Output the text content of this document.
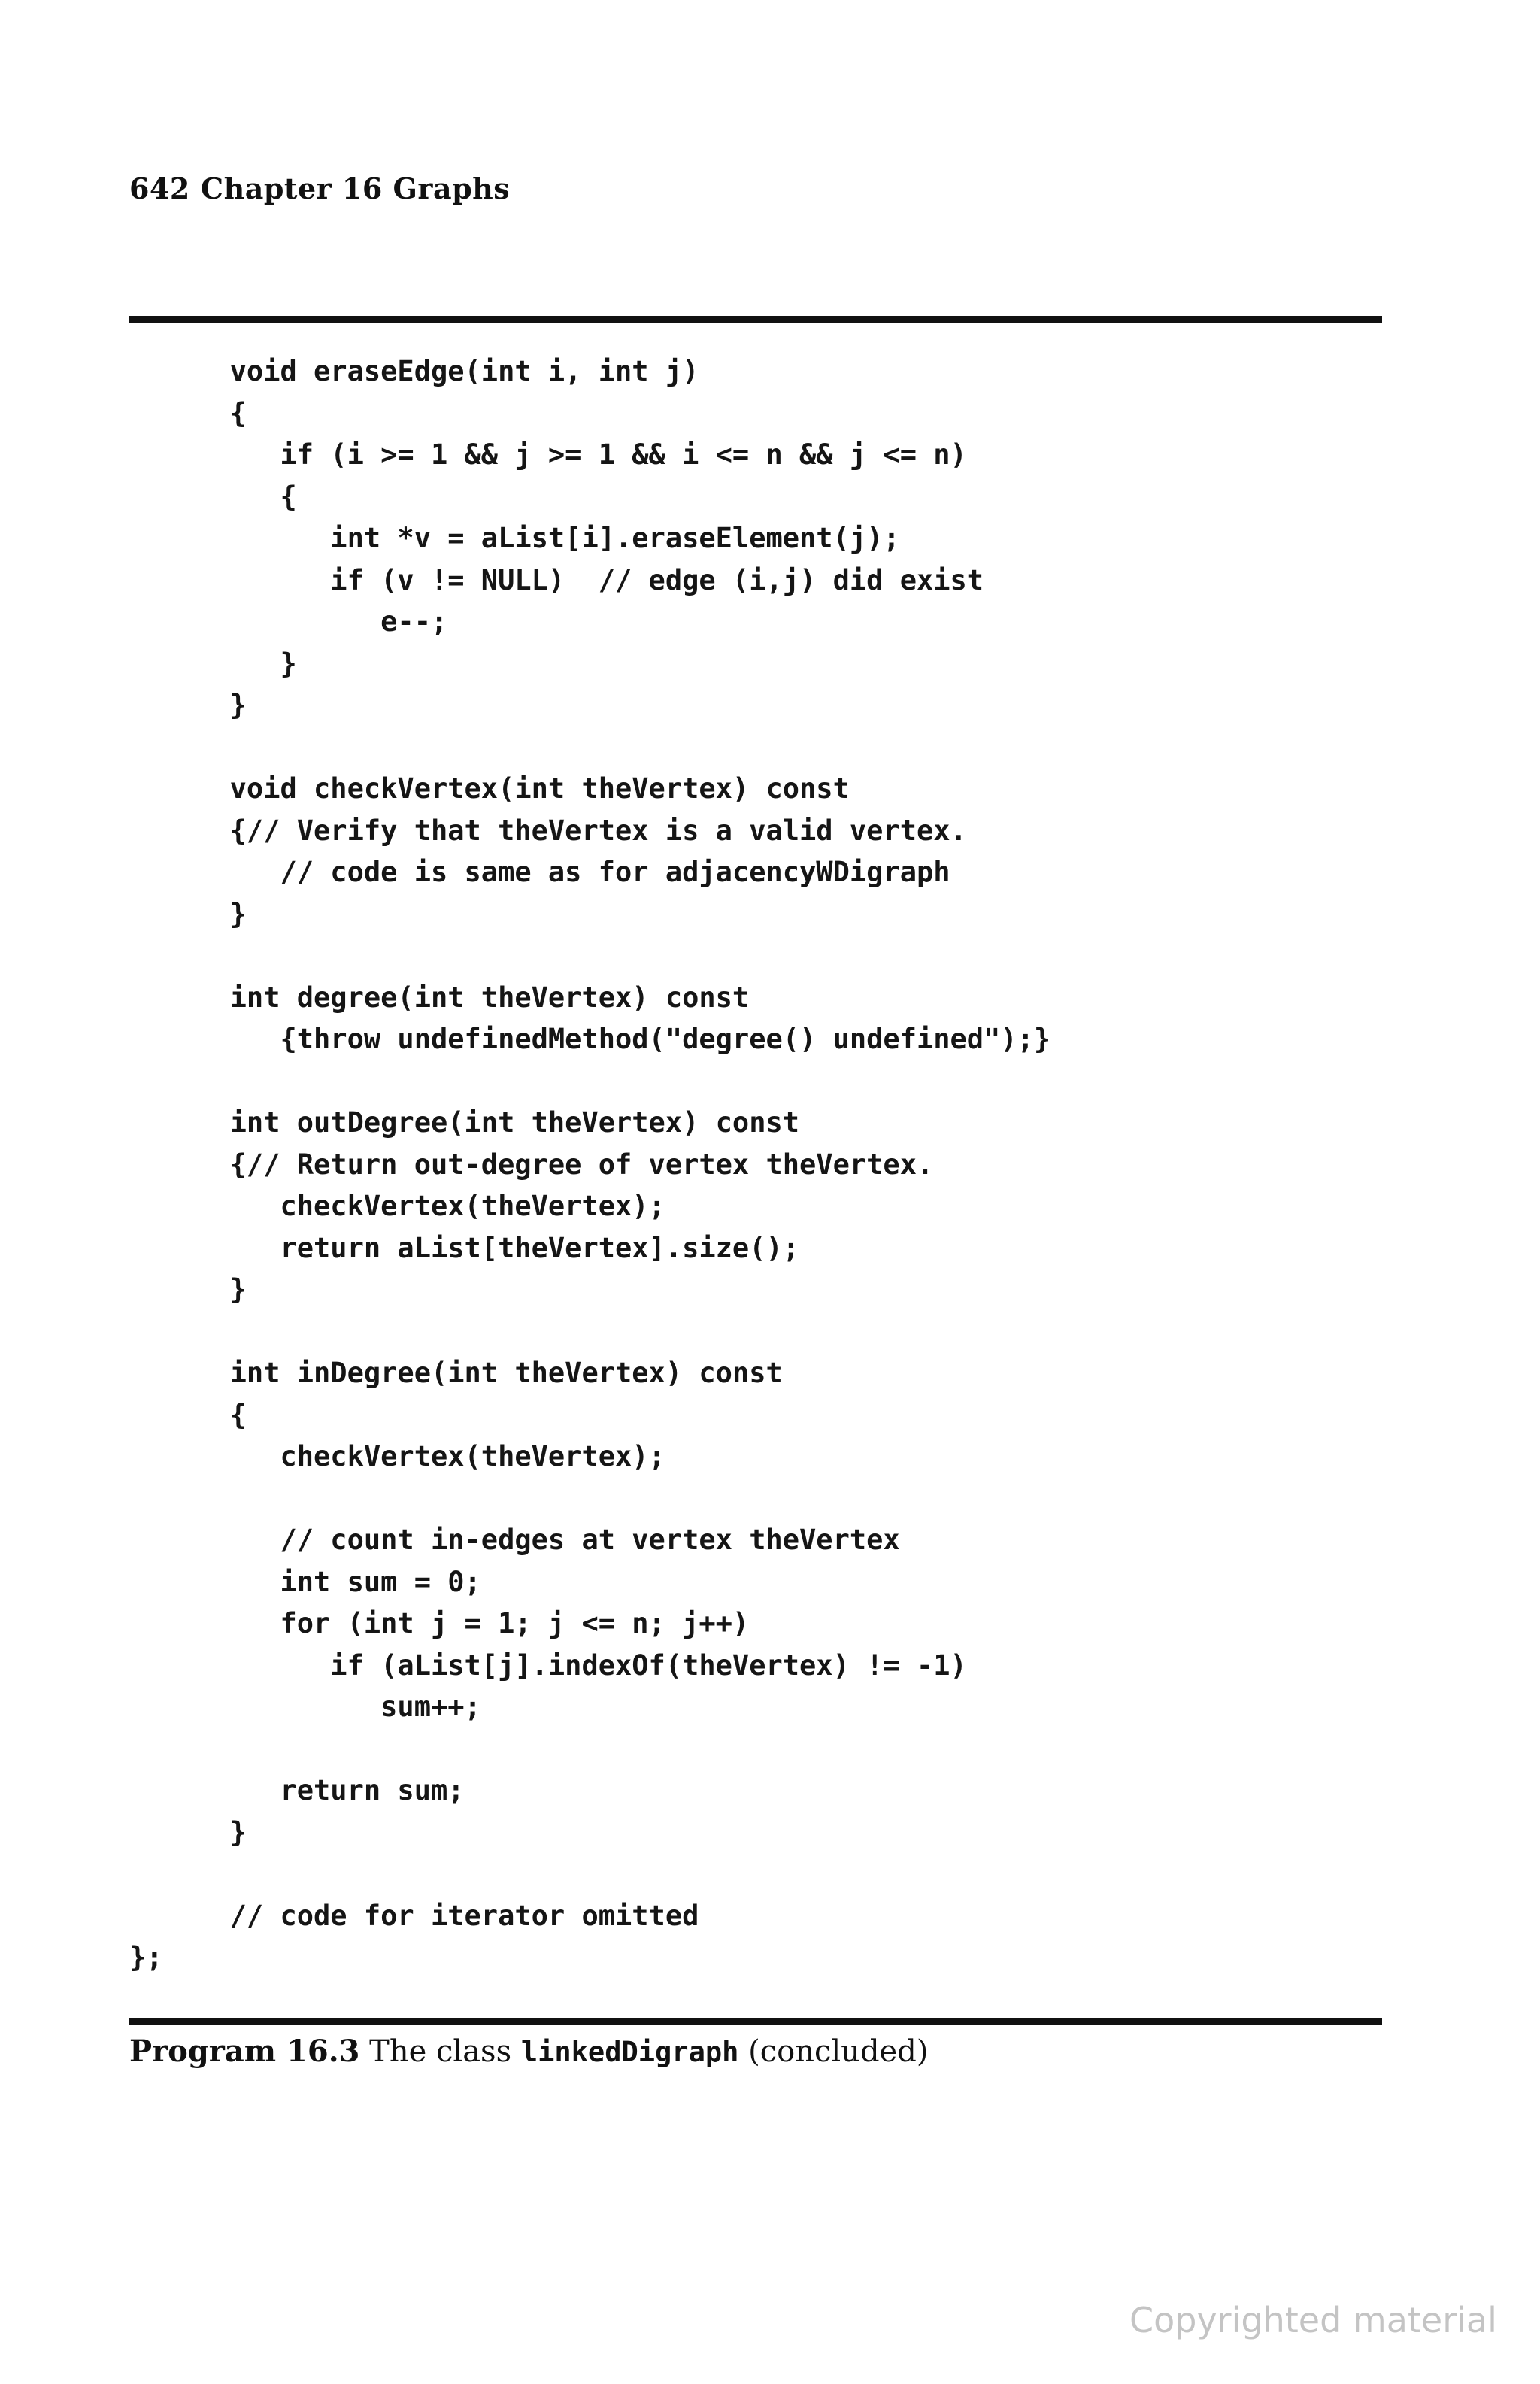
642 Chapter 16 Graphs
void eraseEdge(int i, int j)
{
if (i >= 1 && j >= 1 && i <= n && j <= n)
{
int *v = aList[i].eraseElement(j);
if (v != NULL)  // edge (i,j) did exist
e--;
}
}
void checkVertex(int theVertex) const
{// Verify that theVertex is a valid vertex.
// code is same as for adjacencyWDigraph
}
int degree(int theVertex) const
{throw undefinedMethod("degree() undefined");}
int outDegree(int theVertex) const
{// Return out-degree of vertex theVertex.
checkVertex(theVertex);
return aList[theVertex].size();
}
int inDegree(int theVertex) const
{
checkVertex(theVertex);
// count in-edges at vertex theVertex
int sum = 0;
for (int j = 1; j <= n; j++)
if (aList[j].indexOf(theVertex) != -1)
sum++;
return sum;
}
// code for iterator omitted
};
Program 16.3 The class linkedDigraph (concluded)
Copyrighted material
